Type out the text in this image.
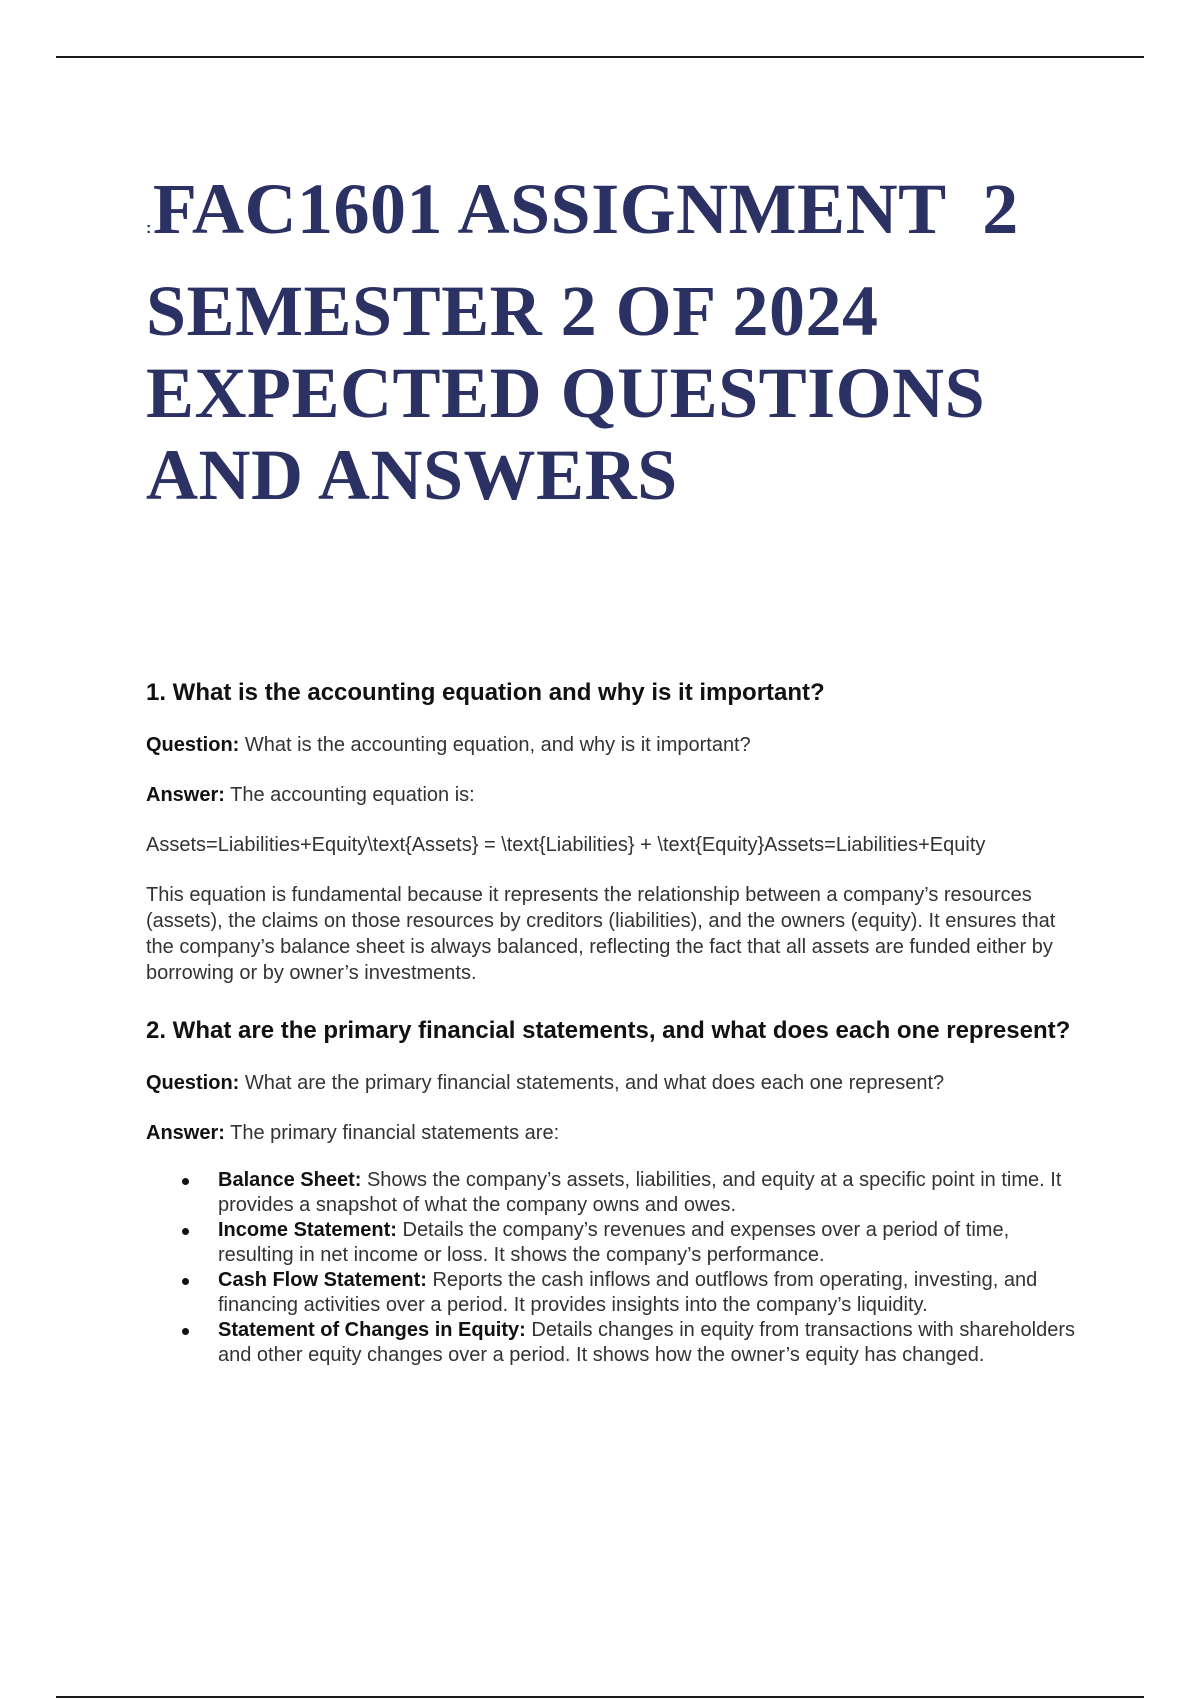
:FAC1601 ASSIGNMENT  2
SEMESTER 2 OF 2024
EXPECTED QUESTIONS
AND ANSWERS
1. What is the accounting equation and why is it important?

Question: What is the accounting equation, and why is it important?

Answer: The accounting equation is:

Assets=Liabilities+Equity\text{Assets} = \text{Liabilities} + \text{Equity}Assets=Liabilities+Equity

This equation is fundamental because it represents the relationship between a company’s resources (assets), the claims on those resources by creditors (liabilities), and the owners (equity). It ensures that the company’s balance sheet is always balanced, reflecting the fact that all assets are funded either by borrowing or by owner’s investments.

2. What are the primary financial statements, and what does each one represent?

Question: What are the primary financial statements, and what does each one represent?

Answer: The primary financial statements are:

Balance Sheet: Shows the company’s assets, liabilities, and equity at a specific point in time. It provides a snapshot of what the company owns and owes.
Income Statement: Details the company’s revenues and expenses over a period of time, resulting in net income or loss. It shows the company’s performance.
Cash Flow Statement: Reports the cash inflows and outflows from operating, investing, and financing activities over a period. It provides insights into the company’s liquidity.
Statement of Changes in Equity: Details changes in equity from transactions with shareholders and other equity changes over a period. It shows how the owner’s equity has changed.
